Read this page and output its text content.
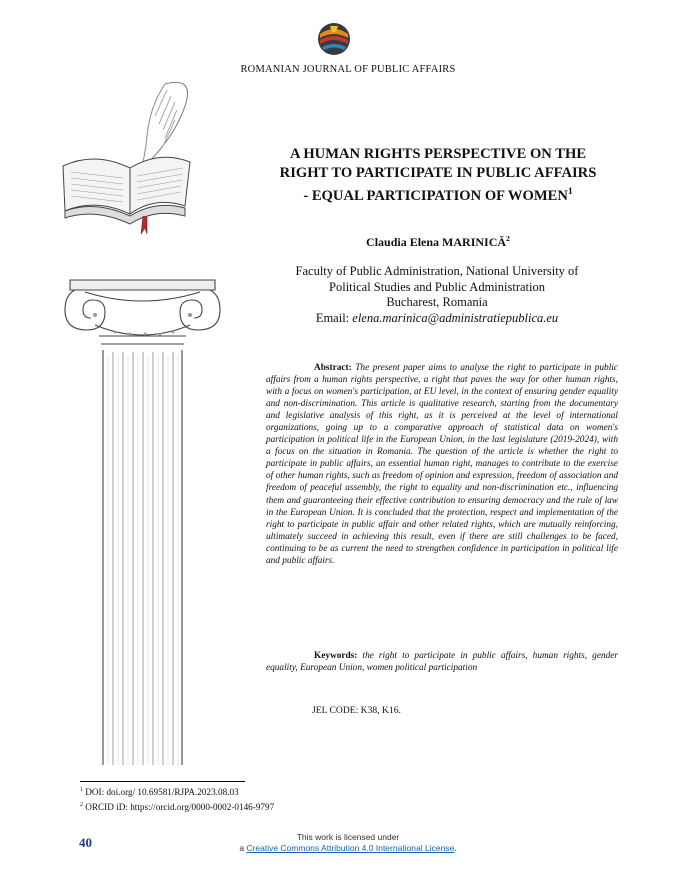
ROMANIAN JOURNAL OF PUBLIC AFFAIRS
A HUMAN RIGHTS PERSPECTIVE ON THE
RIGHT TO PARTICIPATE IN PUBLIC AFFAIRS
- EQUAL PARTICIPATION OF WOMEN$^1$
Claudia Elena MARINICĂ$^2$
Faculty of Public Administration, National University of
Political Studies and Public Administration
Bucharest, Romania
Email: elena.marinica@administratiepublica.eu

Abstract: The present paper aims to analyse the right to participate in public affairs from a human rights perspective, a right that paves the way for other human rights, with a focus on women's participation, at EU level, in the context of ensuring gender equality and non-discrimination. This article is qualitative research, starting from the documentary and legislative analysis of this right, as it is perceived at the level of international organizations, going up to a comparative approach of statistical data on women's participation in political life in the European Union, in the last legislature (2019-2024), with a focus on the situation in Romania. The question of the article is whether the right to participate in public affairs, an essential human right, manages to contribute to the exercise of other human rights, such as freedom of opinion and expression, freedom of association and freedom of peaceful assembly, the right to equality and non-discrimination etc., influencing them and guaranteeing their effective contribution to ensuring democracy and the rule of law in the European Union. It is concluded that the protection, respect and implementation of the right to participate in public affair and other related rights, which are mutually reinforcing, ultimately succeed in achieving this result, even if there are still challenges to be faced, continuing to be as current the need to strengthen confidence in participation in political life and public affairs.

Keywords: the right to participate in public affairs, human rights, gender equality, European Union, women political participation

JEL CODE: K38, K16.
$^1$ DOI: doi.org/ 10.69581/RJPA.2023.08.03
$^2$ ORCID iD: https://orcid.org/0000-0002-0146-9797
40	This work is licensed under
a Creative Commons Attribution 4.0 International License.
